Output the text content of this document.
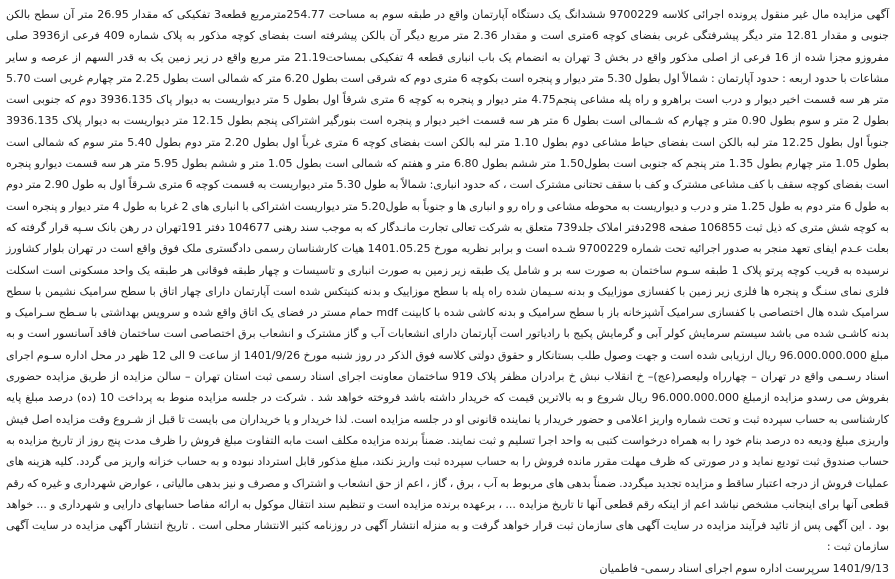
آگهی مزایده مال غیر منقول پرونده اجرائی کلاسه 9700229 ششدانگ یک دستگاه آپارتمان واقع در طبقه سوم به مساحت 254.77مترمربع قطعه3 تفکیکی که مقدار 26.95 متر آن سطح بالکن جنوبی و مقدار 12.81 متر دیگر پیشرفتگی غربی بفضای کوچه 6متری است و مقدار 2.36 متر مربع دیگر آن بالکن پیشرفته است بفضای کوچه مذکور به پلاک شماره 409 فرعی از3936 صلی مفروزو مجزا شده از 16 فرعی از اصلی مذکور واقع در بخش 3 تهران به انضمام یک باب انباری قطعه 4 تفکیکی بمساحت21.19 متر مربع واقع در زیر زمین یک به قدر السهم از عرصه و سایر مشاعات با حدود اربعه : حدود آپارتمان : شمالاً اول بطول 5.30 متر دیوار و پنجره است بکوچه 6 متری دوم که شرقی است بطول 6.20 متر که شمالی است بطول 2.25 متر چهارم غربی است 5.70 متر هر سه قسمت اخیر دیوار و درب است براهرو و راه پله مشاعی پنجم4.75 متر دیوار و پنجره به کوچه 6 متری شرقاً اول بطول 5 متر دیواریست به دیوار پاک 3936.135 دوم که جنوبی است بطول 2 متر و سوم بطول 0.90 متر و چهارم که شـمالی است بطول 6 متر هر سه قسمت اخیر دیوار و پنجره است بنورگیر اشتراکی پنجم بطول 12.15 متر دیواریست به دیوار پلاک 3936.135 جنوباً اول بطول 12.25 متر لبه بالکن است بفضای حیاط مشاعی دوم بطول 1.10 متر لبه بالکن است بفضای کوچه 6 متری غرباً اول بطول 2.20 متر دوم بطول 5.40 متر سوم که شمالی است بطول 1.05 متر چهارم بطول 1.35 متر پنجم که جنوبی است بطول1.50 متر ششم بطول 6.80 متر و هفتم که شمالی است بطول 1.05 متر و ششم بطول 5.95 متر هر سه قسمت دیوارو پنجره است بفضای کوچه سقف با کف مشاعی مشترک و کف با سقف تحتانی مشترک است ، که حدود انباری: شمالاً به طول 5.30 متر دیواریست به قسمت کوچه 6 متری شـرقاً اول به طول 2.90 متر دوم به طول 6 متر دوم به طول 1.25 متر و درب و دیواریست به محوطه مشاعی و راه رو و انباری ها و جنوباً به طول5.20 متر دیواریست اشتراکی با انباری های 2 غربا به طول 4 متر دیوار و پنجره است به کوچه شش متری که ذیل ثبت 106855 صفحه 298دفتر املاک جلد739 متعلق به شرکت تعالی تجارت مانـدگار که به موجب سند رهنی 104677 دفتر 191تهران در رهن بانک سـپه قرار گرفته که بعلت عـدم ایفای تعهد منجر به صدور اجرائیه تحت شماره 9700229 شـده است و برابر نظریه مورخ 1401.05.25 هیات کارشناسان رسمی دادگستری ملک فوق واقع است در تهران بلوار کشاورز نرسیده به قریب کوچه پرتو پلاک 1 طبقه سـوم ساختمان به صورت سه بر و شامل یک طبقه زیر زمین به صورت انباری و تاسیسات و چهار طبقه فوقانی هر طبقه یک واحد مسکونی است اسکلت فلزی نمای سنـگ و پنجره ها فلزی زیر زمین با کفسازی موزاییک و بدنه سـیمان شده راه پله با سطح موزاییک و بدنه کنیتکس شده است آپارتمان دارای چهار اتاق با سطح سرامیک نشیمن با سطح سرامیک شده هال اختصاصی با کفسازی سرامیک آشپزخانه باز با سطح سرامیک و بدنه کاشی شده با کابینت mdf حمام مستر در فضای یک اتاق واقع شده و سرویس بهداشتی با سـطح سـرامیک و بدنه کاشـی شده می باشد سیستم سرمایش کولر آبی و گرمایش پکیج با رادیاتور است آپارتمان دارای انشعابات آب و گاز مشترک و انشعاب برق اختصاصی است ساختمان فاقد آسانسور است و به مبلغ 96.000.000.000 ریال ارزیابی شده است و جهت وصول طلب بستانکار و حقوق دولتی کلاسه فوق الذکر در روز شنبه مورخ 1401/9/26 از ساعت 9 الی 12 ظهر در محل اداره سـوم اجرای اسناد رسـمی واقع در تهران – چهارراه ولیعصر(عج)– خ انقلاب نبش خ برادران مظفر پلاک 919 ساختمان معاونت اجرای اسناد رسمی ثبت استان تهران – سالن مزایده از طریق مزایده حضوری بفروش می رسدو مزایده ازمبلغ 96.000.000.000 ریال شروع و به بالاترین قیمت که خریدار داشته باشد فروخته خواهد شد . شرکت در جلسه مزایده منوط به پرداخت 10 (ده) درصد مبلغ پایه کارشناسی به حساب سپرده ثبت و تحت شماره واریز اعلامی و حضور خریدار یا نماینده قانونی او در جلسه مزایده است. لذا خریدار و یا خریداران می بایست تا قبل از شـروع وقت مزایده اصل فیش واریزی مبلغ ودیعه ده درصد بنام خود را به همراه درخواست کتبی به واحد اجرا تسلیم و ثبت نمایند. ضمناً برنده مزایده مکلف است مابه التفاوت مبلغ فروش را ظرف مدت پنج روز از تاریخ مزایده به حساب صندوق ثبت تودیع نماید و در صورتی که ظرف مهلت مقرر مانده فروش را به حساب سپرده ثبت واریز نکند، مبلغ مذکور قابل استرداد نبوده و به حساب خزانه واریز می گردد. کلیه هزینه های عملیات فروش از درجه اعتبار ساقط و مزایده تجدید میگردد. ضمناً بدهی های مربوط به آب ، برق ، گاز ، اعم از حق انشعاب و اشتراک و مصرف و نیز بدهی مالیاتی ، عوارض شهرداری و غیره که رقم قطعی آنها برای اینجانب مشخص نباشد اعم از اینکه رقم قطعی آنها تا تاریخ مزایده ... ، برعهده برنده مزایده است و تنظیم سند انتقال موکول به ارائه مفاصا حسابهای دارایی و شهرداری و ... خواهد بود . این آگهی پس از تائید فرآیند مزایده در سایت آگهی های سازمان ثبت قرار خواهد گرفت و به منزله انتشار آگهی در روزنامه کثیر الانتشار محلی است . تاریخ انتشار آگهی مزایده در سایت آگهی سازمان ثبت :

1401/9/13 سرپرست اداره سوم اجرای اسناد رسمی- فاطمیان
